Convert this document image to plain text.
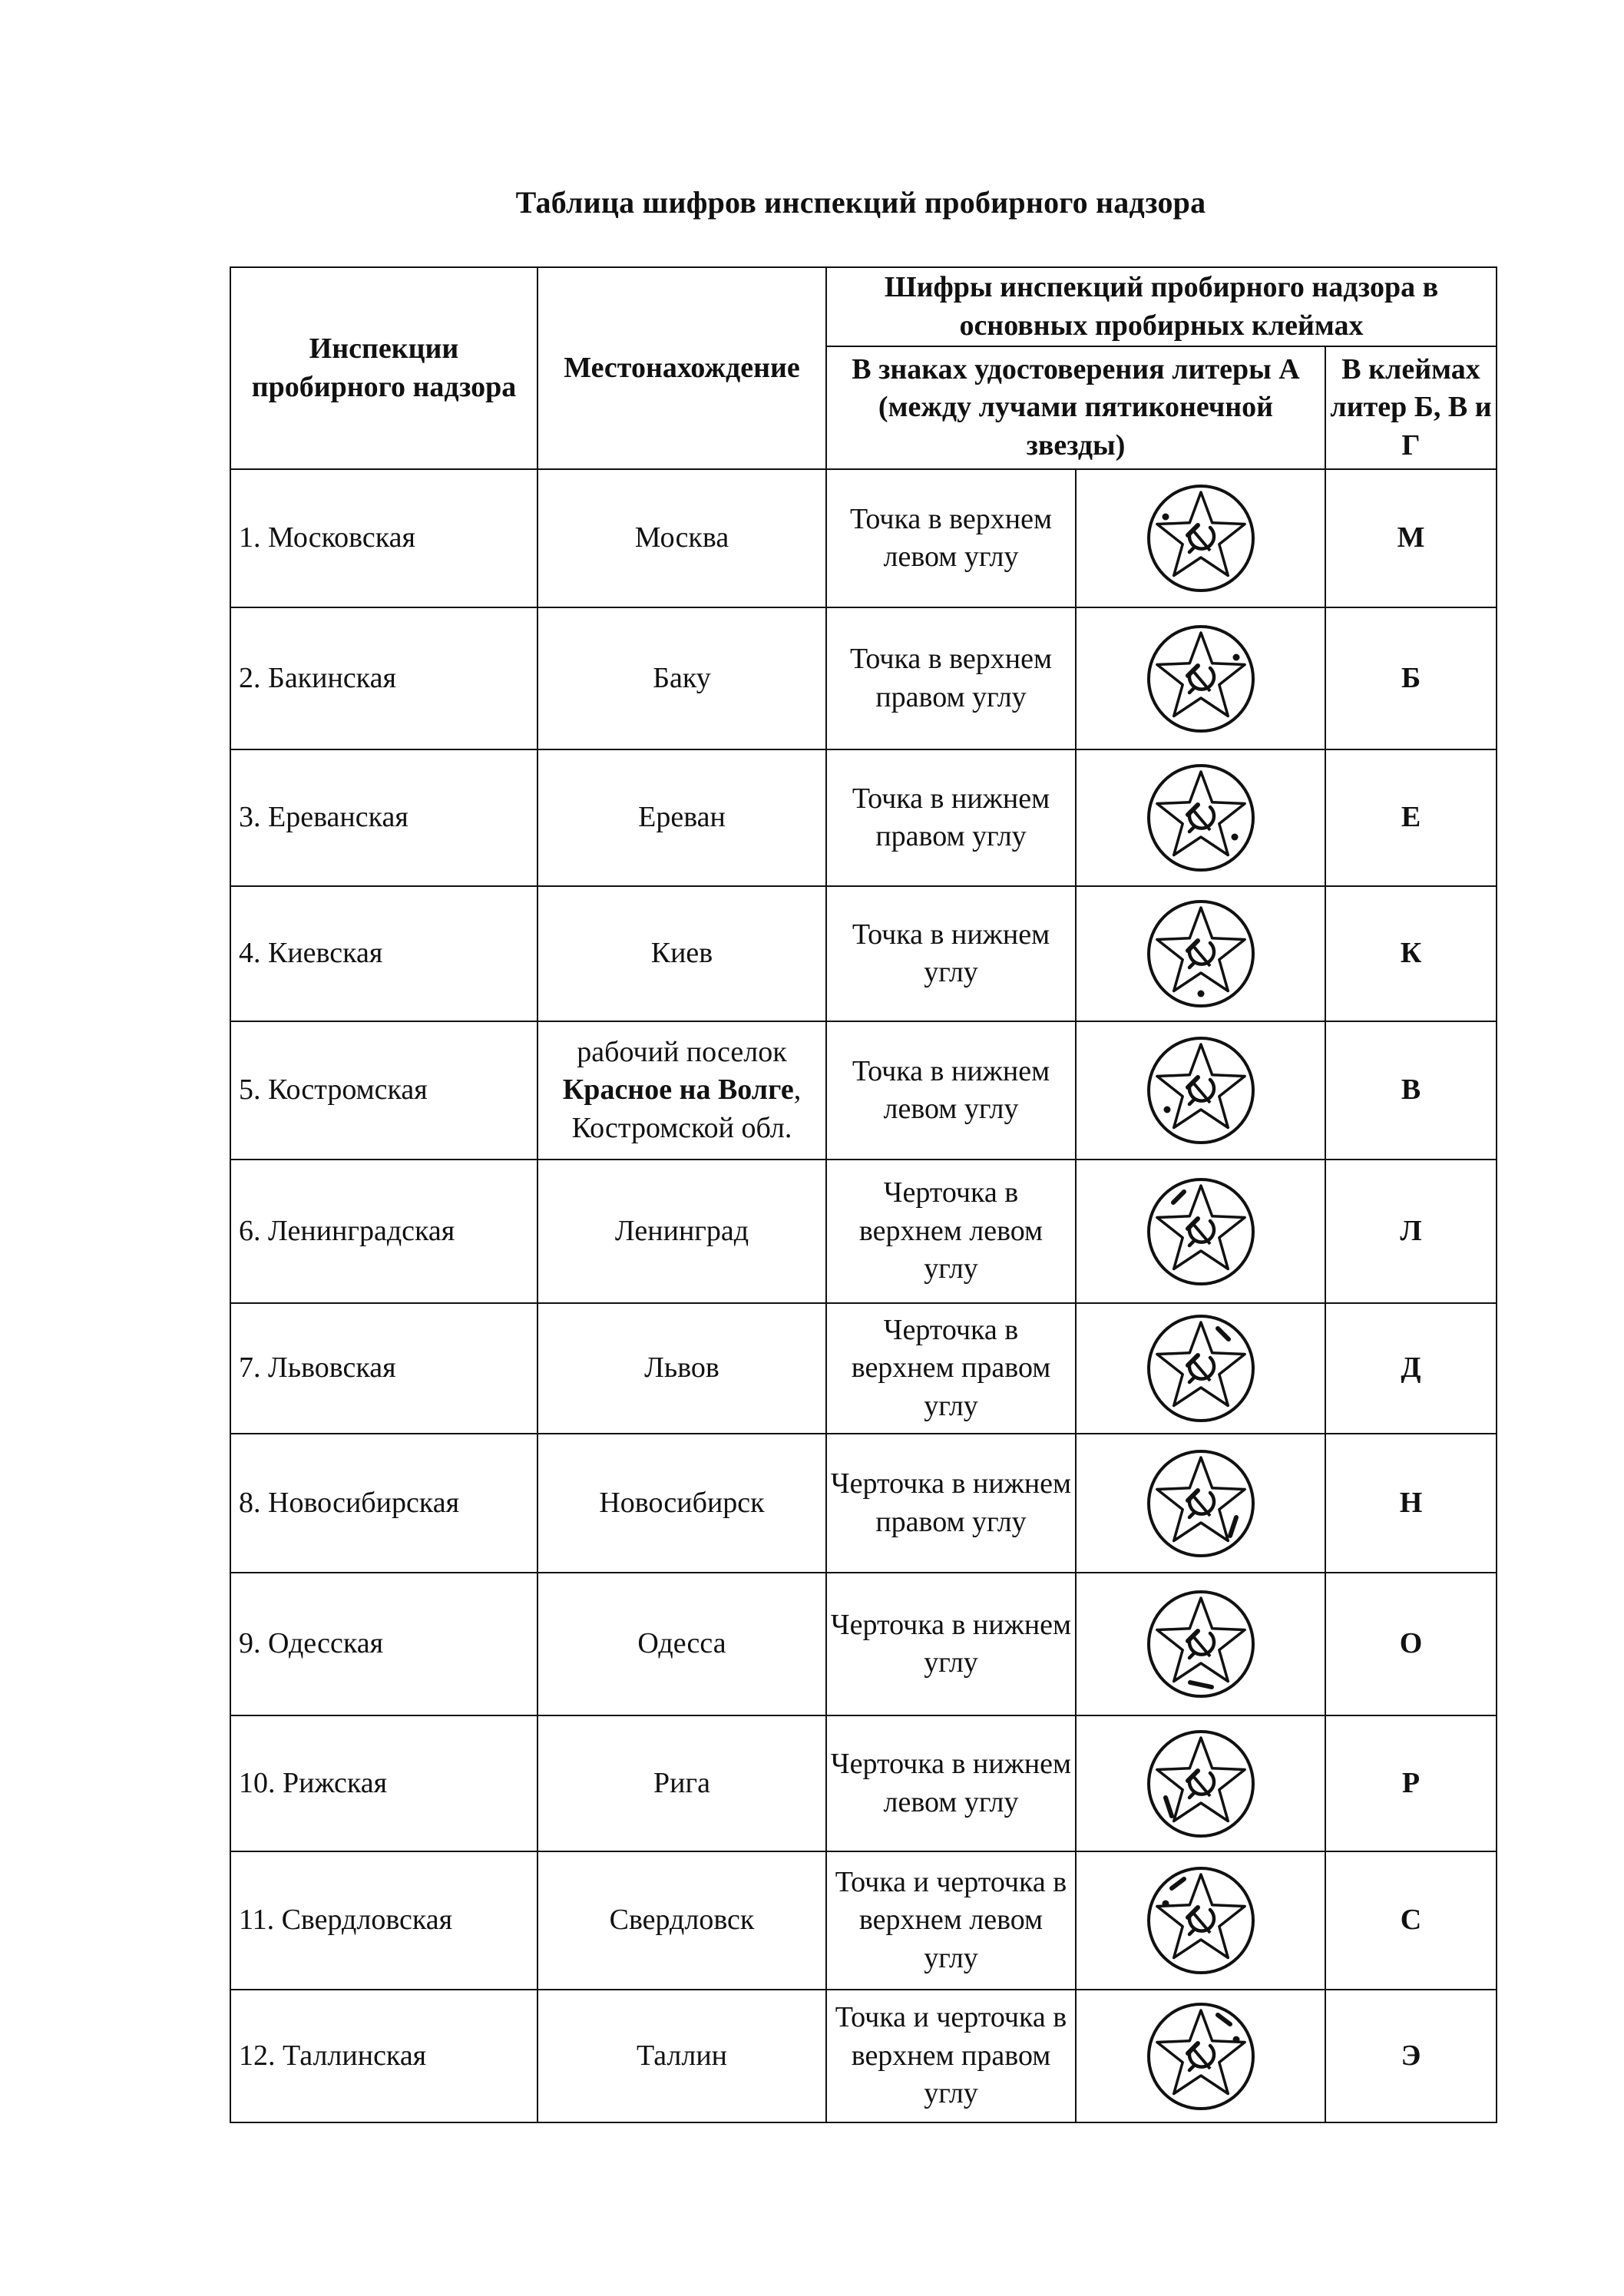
Таблица шифров инспекций пробирного надзора
Инспекции пробирного надзора	Местонахождение	Шифры инспекций пробирного надзора в основных пробирных клеймах		
		В знаках удостоверения литеры А (между лучами пятиконечной звезды)		В клеймах литер Б, В и Г
1. Московская	Москва	Точка в верхнем левом углу		М
2. Бакинская	Баку	Точка в верхнем правом углу		Б
3. Ереванская	Ереван	Точка в нижнем правом углу		Е
4. Киевская	Киев	Точка в нижнем углу		К
5. Костромская	рабочий поселок
Красное на Волге,
Костромской обл.	Точка в нижнем левом углу		В
6. Ленинградская	Ленинград	Черточка в верхнем левом углу		Л
7. Львовская	Львов	Черточка в верхнем правом углу		Д
8. Новосибирская	Новосибирск	Черточка в нижнем правом углу		Н
9. Одесская	Одесса	Черточка в нижнем углу		О
10. Рижская	Рига	Черточка в нижнем левом углу		Р
11. Свердловская	Свердловск	Точка и черточка в верхнем левом углу		С
12. Таллинская	Таллин	Точка и черточка в верхнем правом углу		Э
